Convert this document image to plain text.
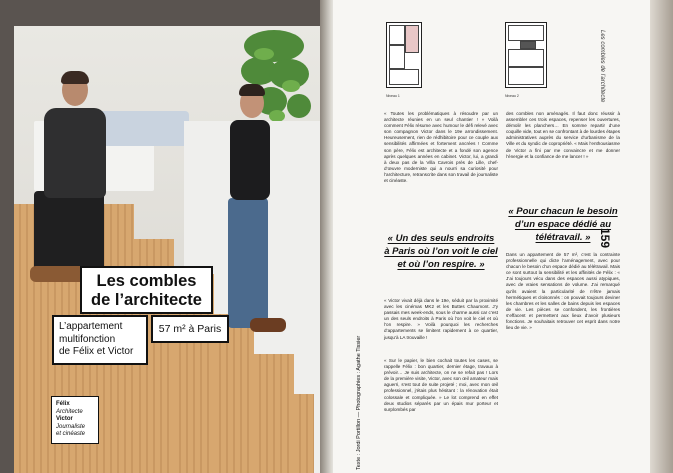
Les combles
de l’architecte
L’appartement
multifonction
de Félix et Victor
57 m² à Paris
Félix
Architecte
Victor
Journaliste
et cinéaste
Niveau 1	Niveau 2	Les combles de l’architecte
159
Texte : Jordi Portillon — Photographies : Agathe Tissier
« Toutes les problématiques à résoudre par un architecte réunies en un seul chantier ! » Voilà comment Félix résume avec humour le défi relevé avec son compagnon Victor dans le 19e arrondissement. Heureusement, rien de rédhibitoire pour ce couple aux sensibilités affirmées et fortement ancrées ! Comme son père, Félix est architecte et a fondé son agence après quelques années en cabinet. Victor, lui, a grandi à deux pas de la Villa Cavrois près de Lille, chef-d’œuvre moderniste qui a nourri sa curiosité pour l’architecture, retranscrite dans son travail de journaliste et cinéaste.
« Un des seuls endroits à Paris où l’on voit le ciel et où l’on respire. »
« Victor vivait déjà dans le 19e, séduit par la proximité avec les cinémas MK2 et les Buttes Chaumont. J’y passais mes week-ends, sous le charme aussi car c’est un des seuls endroits à Paris où l’on voit le ciel et où l’on respire. » Voilà pourquoi les recherches d’appartements se limitent rapidement à ce quartier, jusqu’à LA trouvaille !
« Sur le papier, le bien cochait toutes les cases, se rappelle Félix : bon quartier, dernier étage, travaux à prévoir… Je suis architecte, on ne se refait pas ! Lors de la première visite, Victor, avec son œil amateur mais aguerri, s’est tout de suite projeté ; moi, avec mon œil professionnel, j’étais plus hésitant : la rénovation était colossale et compliquée. » Le lot comprend en effet deux studios séparés par un épais mur porteur et surplombés par
des combles non aménagés. Il faut donc réussir à assembler ces trois espaces, repenser les ouvertures, démolir les planchers… En somme repartir d’une coquille vide, tout en se confrontant à de lourdes étapes administratives auprès du service d’urbanisme de la Ville et du syndic de copropriété. « Mais l’enthousiasme de Victor a fini par me convaincre et me donner l’énergie et la confiance de me lancer ! »
« Pour chacun le besoin d’un espace dédié au télétravail. »
Dans un appartement de 57 m², c’est la contrainte professionnelle qui dicte l’aménagement, avec pour chacun le besoin d’un espace dédié au télétravail. Mais ce sont surtout la sensibilité et les affinités de Félix : « J’ai toujours vécu dans des espaces aussi atypiques, avec de vraies sensations de volume. J’ai remarqué qu’ils avaient la particularité de n’être jamais hermétiques et cloisonnés : on pouvait toujours deviner les chambres et les salles de bains depuis les espaces de vie. Les pièces se confondent, les frontières s’effacent et permettent aux lieux d’avoir plusieurs fonctions. Je souhaitais retrouver cet esprit dans notre lieu de vie. »
